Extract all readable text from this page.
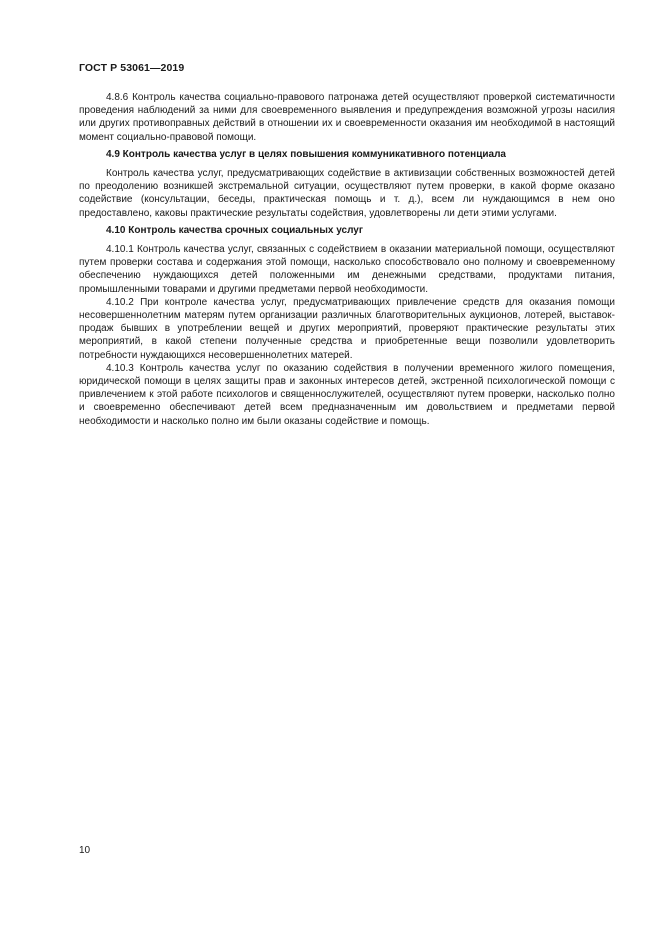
ГОСТ Р 53061—2019

4.8.6 Контроль качества социально-правового патронажа детей осуществляют проверкой систематичности проведения наблюдений за ними для своевременного выявления и предупреждения возможной угрозы насилия или других противоправных действий в отношении их и своевременности оказания им необходимой в настоящий момент социально-правовой помощи.

4.9 Контроль качества услуг в целях повышения коммуникативного потенциала

Контроль качества услуг, предусматривающих содействие в активизации собственных возможностей детей по преодолению возникшей экстремальной ситуации, осуществляют путем проверки, в какой форме оказано содействие (консультации, беседы, практическая помощь и т. д.), всем ли нуждающимся в нем оно предоставлено, каковы практические результаты содействия, удовлетворены ли дети этими услугами.

4.10 Контроль качества срочных социальных услуг

4.10.1 Контроль качества услуг, связанных с содействием в оказании материальной помощи, осуществляют путем проверки состава и содержания этой помощи, насколько способствовало оно полному и своевременному обеспечению нуждающихся детей положенными им денежными средствами, продуктами питания, промышленными товарами и другими предметами первой необходимости.

4.10.2 При контроле качества услуг, предусматривающих привлечение средств для оказания помощи несовершеннолетним матерям путем организации различных благотворительных аукционов, лотерей, выставок-продаж бывших в употреблении вещей и других мероприятий, проверяют практические результаты этих мероприятий, в какой степени полученные средства и приобретенные вещи позволили удовлетворить потребности нуждающихся несовершеннолетних матерей.

4.10.3 Контроль качества услуг по оказанию содействия в получении временного жилого помещения, юридической помощи в целях защиты прав и законных интересов детей, экстренной психологической помощи с привлечением к этой работе психологов и священнослужителей, осуществляют путем проверки, насколько полно и своевременно обеспечивают детей всем предназначенным им довольствием и предметами первой необходимости и насколько полно им были оказаны содействие и помощь.

10
